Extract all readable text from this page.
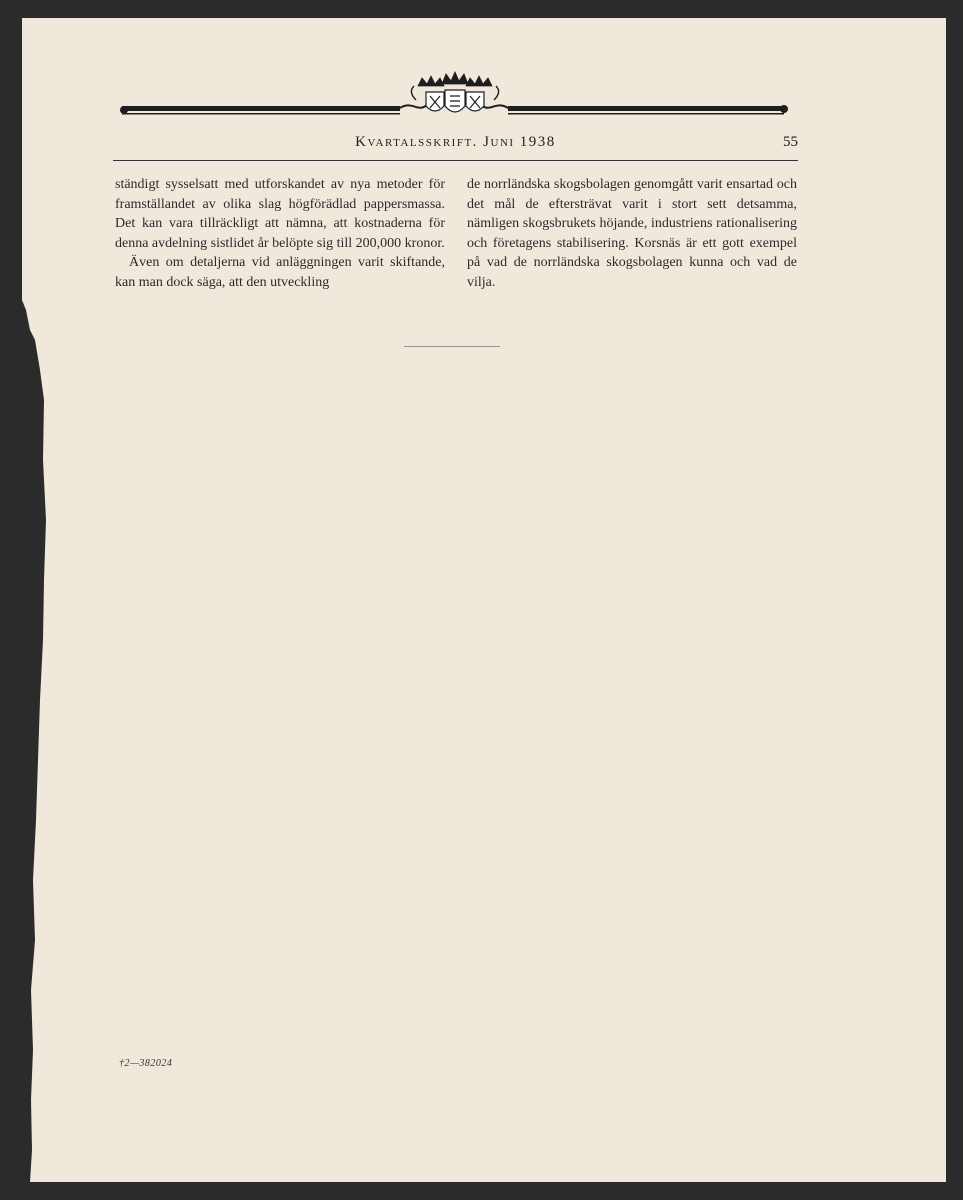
Kvartalsskrift. Juni 1938	55

ständigt sysselsatt med utforskandet av nya metoder för framställandet av olika slag högförädlad pappersmassa. Det kan vara tillräckligt att nämna, att kostnaderna för denna avdelning sistlidet år belöpte sig till 200,000 kronor.

Även om detaljerna vid anläggningen varit skiftande, kan man dock säga, att den utveckling

de norrländska skogsbolagen genomgått varit ensartad och det mål de eftersträvat varit i stort sett detsamma, nämligen skogsbrukets höjande, industriens rationalisering och företagens stabilisering. Korsnäs är ett gott exempel på vad de norrländska skogsbolagen kunna och vad de vilja.

†2—382024
